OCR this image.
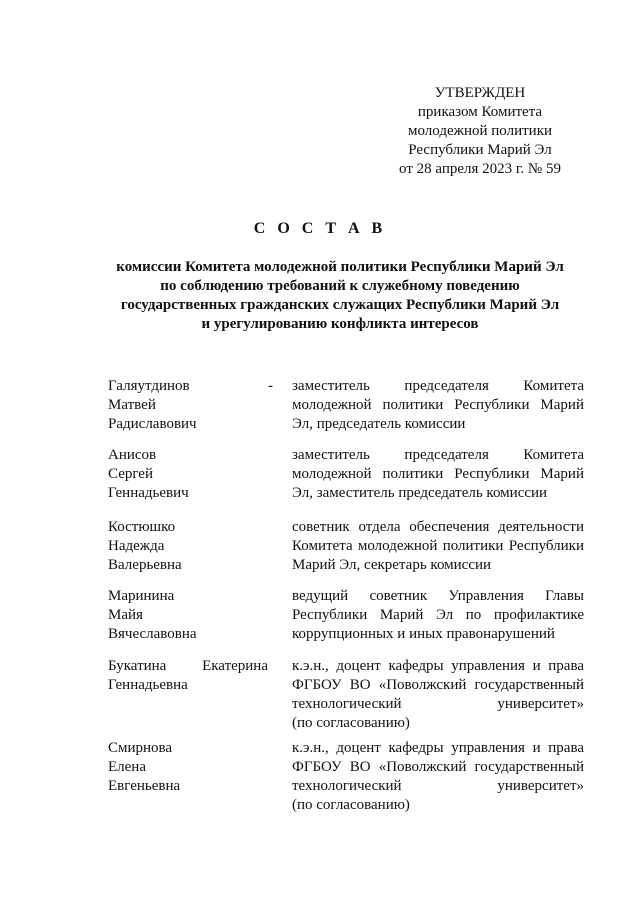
УТВЕРЖДЕН
приказом Комитета
молодежной политики
Республики Марий Эл
от 28 апреля 2023 г. № 59
С О С Т А В
комиссии Комитета молодежной политики Республики Марий Эл
по соблюдению требований к служебному поведению
государственных гражданских служащих Республики Марий Эл
и урегулированию конфликта интересов
Галяутдинов
Матвей
Радиславович
- заместитель председателя Комитета
молодежной политики Республики Марий
Эл, председатель комиссии
Анисов
Сергей
Геннадьевич
заместитель председателя Комитета
молодежной политики Республики Марий
Эл, заместитель председатель комиссии
Костюшко
Надежда
Валерьевна
советник отдела обеспечения деятельности
Комитета молодежной политики Республики
Марий Эл, секретарь комиссии
Маринина
Майя
Вячеславовна
ведущий советник Управления Главы
Республики Марий Эл по профилактике
коррупционных и иных правонарушений
Букатина Екатерина
Геннадьевна
к.э.н., доцент кафедры управления и права
ФГБОУ ВО «Поволжский государственный
технологический университет»
(по согласованию)
Смирнова
Елена
Евгеньевна
к.э.н., доцент кафедры управления и права
ФГБОУ ВО «Поволжский государственный
технологический университет»
(по согласованию)
